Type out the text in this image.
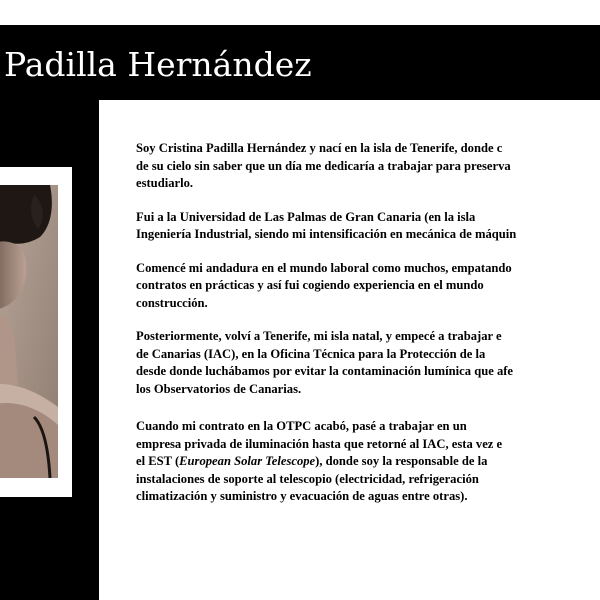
Padilla Hernández

Soy Cristina Padilla Hernández y nací en la isla de Tenerife, donde c
de su cielo sin saber que un día me dedicaría a trabajar para preserva
estudiarlo.

Fui a la Universidad de Las Palmas de Gran Canaria (en la isla
Ingeniería Industrial, siendo mi intensificación en mecánica de máquin

Comencé mi andadura en el mundo laboral como muchos, empatando
contratos en prácticas y así fui cogiendo experiencia en el mundo
construcción.

Posteriormente, volví a Tenerife, mi isla natal, y empecé a trabajar e
de Canarias (IAC), en la Oficina Técnica para la Protección de la
desde donde luchábamos por evitar la contaminación lumínica que afe
los Observatorios de Canarias.

Cuando mi contrato en la OTPC acabó, pasé a trabajar en un
empresa privada de iluminación hasta que retorné al IAC, esta vez e
el EST (European Solar Telescope), donde soy la responsable de la
instalaciones de soporte al telescopio (electricidad, refrigeración
climatización y suministro y evacuación de aguas entre otras).
